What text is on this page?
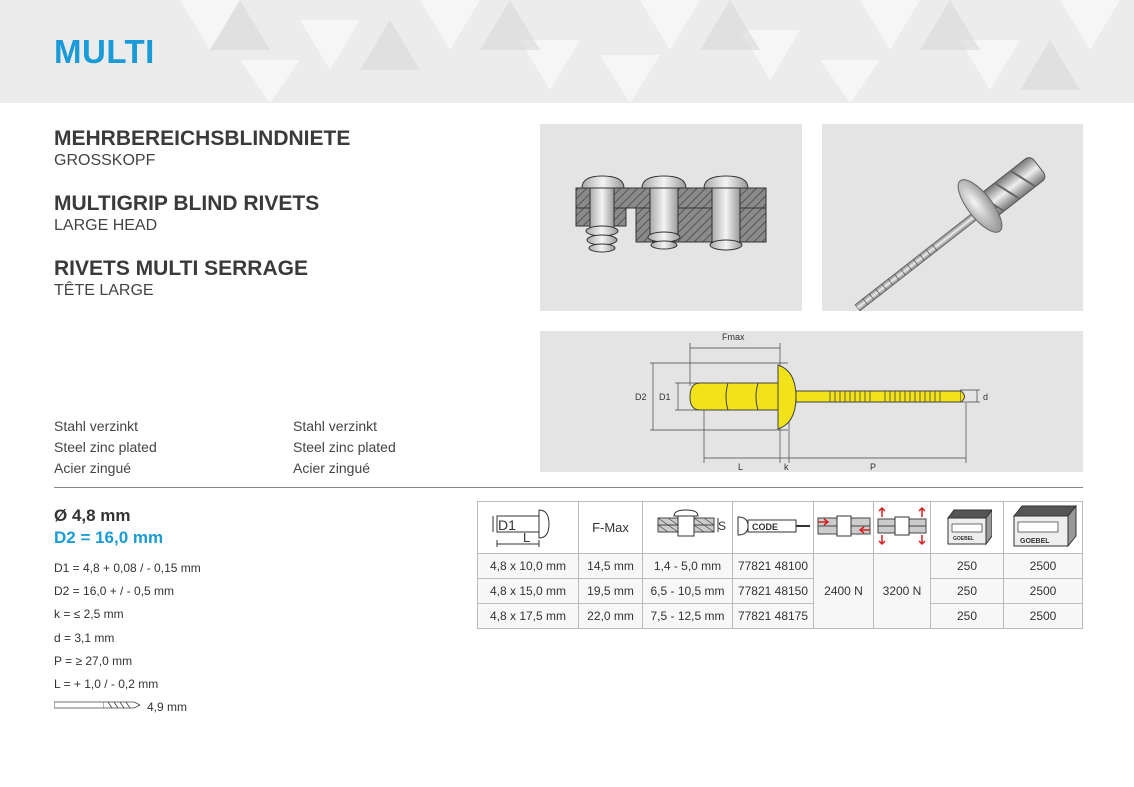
MULTI
MEHRBEREICHSBLINDNIETE
GROSSKOPF
MULTIGRIP BLIND RIVETS
LARGE HEAD
RIVETS MULTI SERRAGE
TÊTE LARGE
Stahl verzinkt
Steel zinc plated
Acier zingué
Stahl verzinkt
Steel zinc plated
Acier zingué
Fmax
D2 D1	d
L	k	P
Ø 4,8 mm
D2 = 16,0 mm
D1 = 4,8 + 0,08 / - 0,15 mm
D2 = 16,0 + / - 0,5 mm
k = ≤ 2,5 mm
d = 3,1 mm
P = ≥ 27,0 mm
L = + 1,0 / - 0,2 mm
4,9 mm
D1
L	F-Max	S	CODE			GOEBEL	GOEBEL

4,8 x 10,0 mm	14,5 mm	1,4 - 5,0 mm	77821 48100	2400 N	3200 N	250	2500
4,8 x 15,0 mm	19,5 mm	6,5 - 10,5 mm	77821 48150			250	2500
4,8 x 17,5 mm	22,0 mm	7,5 - 12,5 mm	77821 48175			250	2500
